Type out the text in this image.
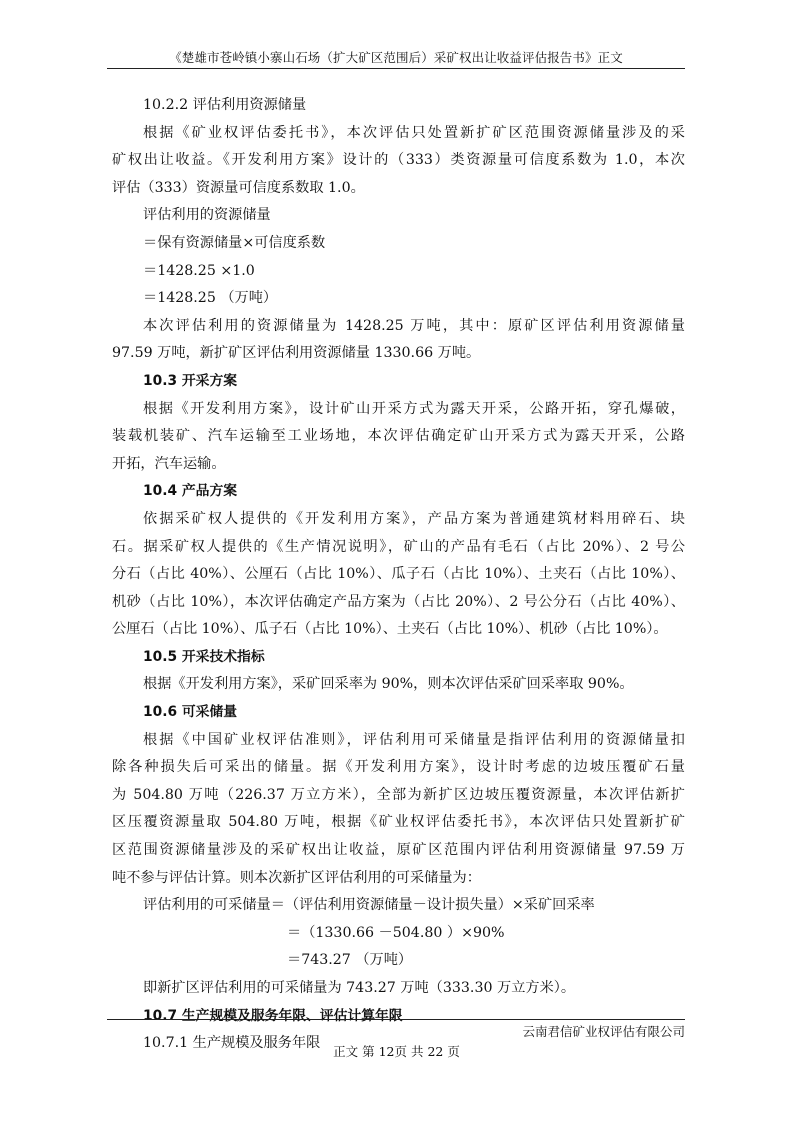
《楚雄市苍岭镇小寨山石场（扩大矿区范围后）采矿权出让收益评估报告书》正文
10.2.2 评估利用资源储量
根据《矿业权评估委托书》，本次评估只处置新扩矿区范围资源储量涉及的采
矿权出让收益。《开发利用方案》设计的（333）类资源量可信度系数为 1.0，本次
评估（333）资源量可信度系数取 1.0。
评估利用的资源储量
＝保有资源储量×可信度系数
＝1428.25 ×1.0
＝1428.25 （万吨）
本次评估利用的资源储量为 1428.25 万吨，其中：原矿区评估利用资源储量
97.59 万吨，新扩矿区评估利用资源储量 1330.66 万吨。
10.3 开采方案
根据《开发利用方案》，设计矿山开采方式为露天开采，公路开拓，穿孔爆破，
装载机装矿、汽车运输至工业场地，本次评估确定矿山开采方式为露天开采，公路
开拓，汽车运输。
10.4 产品方案
依据采矿权人提供的《开发利用方案》，产品方案为普通建筑材料用碎石、块
石。据采矿权人提供的《生产情况说明》，矿山的产品有毛石（占比 20%）、2 号公
分石（占比 40%）、公厘石（占比 10%）、瓜子石（占比 10%）、土夹石（占比 10%）、
机砂（占比 10%），本次评估确定产品方案为（占比 20%）、2 号公分石（占比 40%）、
公厘石（占比 10%）、瓜子石（占比 10%）、土夹石（占比 10%）、机砂（占比 10%）。
10.5 开采技术指标
根据《开发利用方案》，采矿回采率为 90%，则本次评估采矿回采率取 90%。
10.6 可采储量
根据《中国矿业权评估准则》，评估利用可采储量是指评估利用的资源储量扣
除各种损失后可采出的储量。据《开发利用方案》，设计时考虑的边坡压覆矿石量
为 504.80 万吨（226.37 万立方米），全部为新扩区边坡压覆资源量，本次评估新扩
区压覆资源量取 504.80 万吨，根据《矿业权评估委托书》，本次评估只处置新扩矿
区范围资源储量涉及的采矿权出让收益，原矿区范围内评估利用资源储量 97.59 万
吨不参与评估计算。则本次新扩区评估利用的可采储量为：
评估利用的可采储量＝（评估利用资源储量－设计损失量）×采矿回采率
＝（1330.66 －504.80 ）×90%
＝743.27 （万吨）
即新扩区评估利用的可采储量为 743.27 万吨（333.30 万立方米）。
10.7 生产规模及服务年限、评估计算年限
10.7.1 生产规模及服务年限
云南君信矿业权评估有限公司
正文 第 12页 共 22 页
